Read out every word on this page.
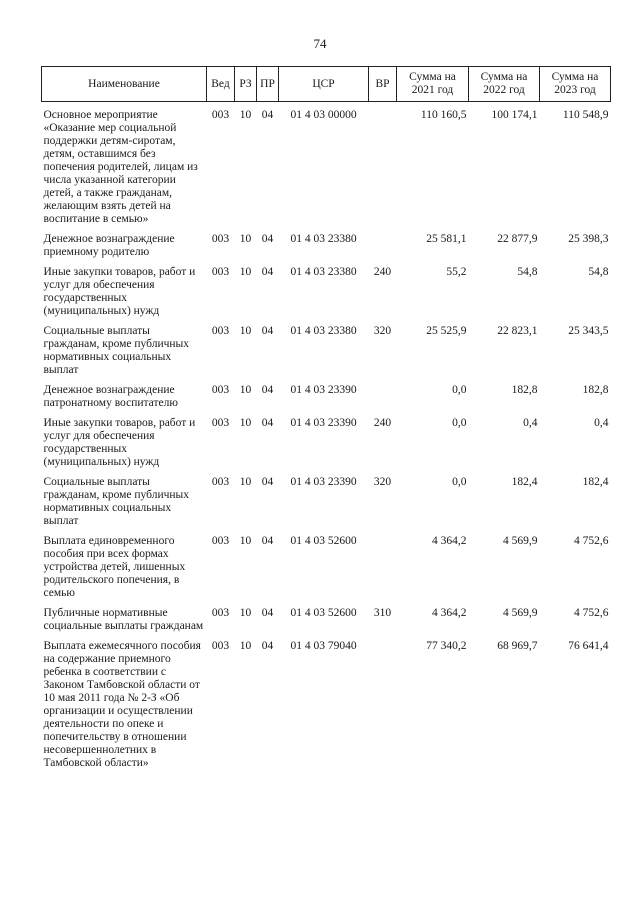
74
Наименование	Вед	РЗ	ПР	ЦСР	ВР	Сумма на 2021 год	Сумма на 2022 год	Сумма на 2023 год

Основное мероприятие «Оказание мер социальной поддержки детям-сиротам, детям, оставшимся без попечения родителей, лицам из числа указанной категории детей, а также гражданам, желающим взять детей на воспитание в семью»	003	10	04	01 4 03 00000		110 160,5	100 174,1	110 548,9

Денежное вознаграждение приемному родителю	003	10	04	01 4 03 23380		25 581,1	22 877,9	25 398,3

Иные закупки товаров, работ и услуг для обеспечения государственных (муниципальных) нужд	003	10	04	01 4 03 23380	240	55,2	54,8	54,8

Социальные выплаты гражданам, кроме публичных нормативных социальных выплат	003	10	04	01 4 03 23380	320	25 525,9	22 823,1	25 343,5

Денежное вознаграждение патронатному воспитателю	003	10	04	01 4 03 23390		0,0	182,8	182,8

Иные закупки товаров, работ и услуг для обеспечения государственных (муниципальных) нужд	003	10	04	01 4 03 23390	240	0,0	0,4	0,4

Социальные выплаты гражданам, кроме публичных нормативных социальных выплат	003	10	04	01 4 03 23390	320	0,0	182,4	182,4

Выплата единовременного пособия при всех формах устройства детей, лишенных родительского попечения, в семью	003	10	04	01 4 03 52600		4 364,2	4 569,9	4 752,6

Публичные нормативные социальные выплаты гражданам	003	10	04	01 4 03 52600	310	4 364,2	4 569,9	4 752,6

Выплата ежемесячного пособия на содержание приемного ребенка в соответствии с Законом Тамбовской области от 10 мая 2011 года № 2-З «Об организации и осуществлении деятельности по опеке и попечительству в отношении несовершеннолетних в Тамбовской области»	003	10	04	01 4 03 79040		77 340,2	68 969,7	76 641,4
